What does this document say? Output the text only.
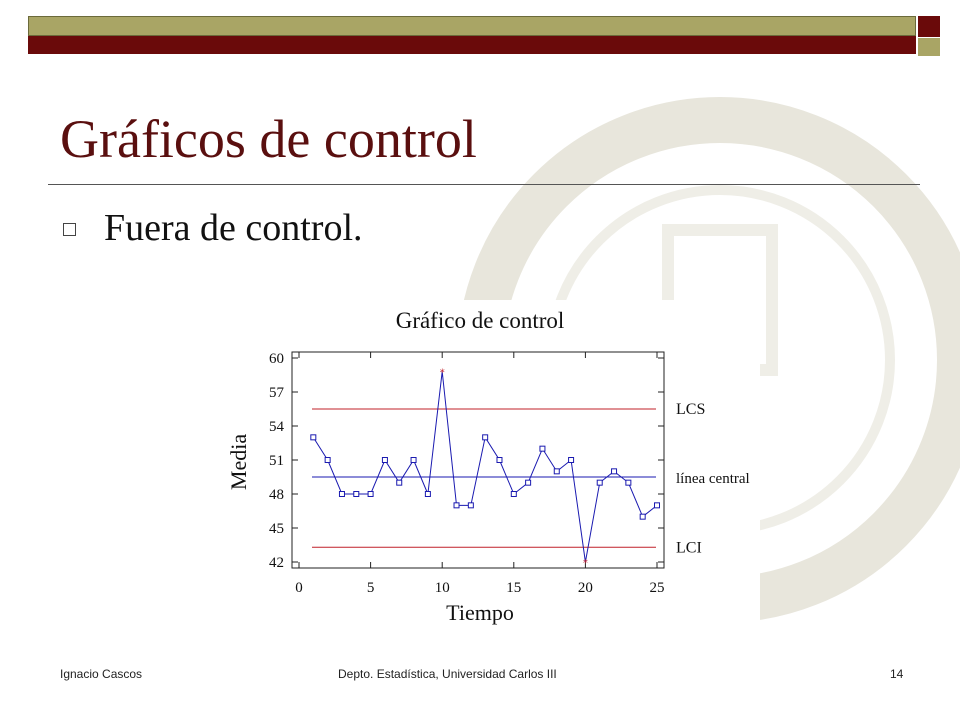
Gráficos de control
Fuera de control.
Gráfico de control
42
45
48
51
54
57
60
0	5	10	15	20	25
LCS
línea central
LCI
*
*
Media
Tiempo
Ignacio Cascos	Depto. Estadística, Universidad Carlos III	14
